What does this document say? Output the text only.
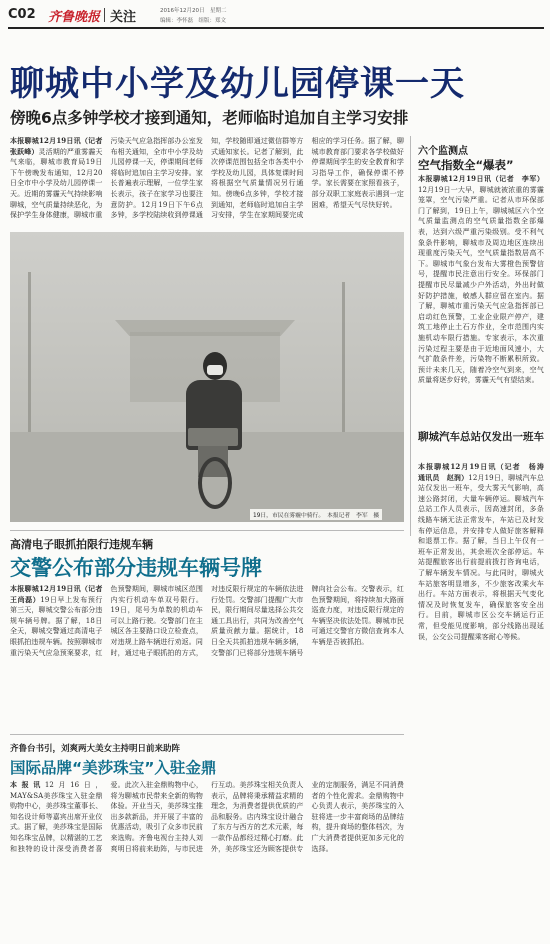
C02 齐鲁晚报 关注	2016年12月20日　星期二
编辑：李怀磊　组版：郑文
聊城中小学及幼儿园停课一天
傍晚6点多钟学校才接到通知，老师临时追加自主学习安排
本报聊城12月19日讯（记者　张跃峰）灵活期的严重雾霾天气来临，聊城市教育局19日下午傍晚发布通知，12月20日全市中小学及幼儿园停课一天。近期的雾霾天气持续影响聊城，空气质量持续恶化，为保护学生身体健康，聊城市重污染天气应急指挥部办公室发布相关通知，全市中小学及幼儿园停课一天，停课期间老师将临时追加自主学习安排。家长普遍表示理解，一位学生家长表示，孩子在家学习也要注意防护。12月19日下午6点多钟，多学校陆续收到停课通知，学校随即通过微信群等方式通知家长。记者了解到，此次停课范围包括全市各类中小学校及幼儿园，具体复课时间将根据空气质量情况另行通知。傍晚6点多钟，学校才接到通知，老师临时追加自主学习安排，学生在家期间要完成相应的学习任务。据了解，聊城市教育部门要求各学校做好停课期间学生的安全教育和学习指导工作，确保停课不停学。家长需要在家照看孩子，部分双职工家庭表示遇到一定困难，希望天气尽快好转。
19日，市民在雾霾中骑行。　本报记者　李军　摄
六个监测点
空气指数全“爆表”
本报聊城12月19日讯（记者　李军）12月19日一大早，聊城就被浓重的雾霾笼罩，空气污染严重。记者从市环保部门了解到，19日上午，聊城城区六个空气质量监测点的空气质量指数全部爆表，达到六级严重污染级别。受不利气象条件影响，聊城市及周边地区连续出现重度污染天气，空气质量指数居高不下。聊城市气象台发布大雾橙色预警信号，提醒市民注意出行安全。环保部门提醒市民尽量减少户外活动，外出时做好防护措施，敏感人群应留在室内。据了解，聊城市重污染天气应急指挥部已启动红色预警，工业企业限产停产，建筑工地停止土石方作业，全市范围内实施机动车限行措施。专家表示，本次重污染过程主要是由于近地面风速小，大气扩散条件差，污染物不断累积所致。预计未来几天，随着冷空气到来，空气质量将逐步好转，雾霾天气有望结束。
聊城汽车总站仅发出一班车
本报聊城12月19日讯（记者　杨涛　通讯员　赵润）12月19日，聊城汽车总站仅发出一班车，受大雾天气影响，高速公路封闭，大量车辆停运。聊城汽车总站工作人员表示，因高速封闭，多条线路车辆无法正常发车，车站已及时发布停运信息，并安排专人做好旅客解释和退票工作。据了解，当日上午仅有一班车正常发出，其余班次全部停运。车站提醒旅客出行前提前拨打咨询电话，了解车辆发车情况。与此同时，聊城火车站旅客明显增多，不少旅客改乘火车出行。车站方面表示，将根据天气变化情况及时恢复发车，确保旅客安全出行。目前，聊城市区公交车辆运行正常，但受能见度影响，部分线路出现延误，公交公司提醒乘客耐心等候。
高清电子眼抓拍限行违规车辆
交警公布部分违规车辆号牌
本报聊城12月19日讯（记者　王尚磊）19日早上发布预行第三天，聊城交警公布部分违规车辆号牌。据了解，18日全天，聊城交警通过高清电子眼抓拍违规车辆。按照聊城市重污染天气应急预案要求，红色预警期间，聊城市城区范围内实行机动车单双号限行。19日，尾号为单数的机动车可以上路行驶。交警部门在主城区各主要路口设立检查点，对违规上路车辆进行劝返。同时，通过电子眼抓拍的方式，对违反限行规定的车辆依法进行处罚。交警部门提醒广大市民，限行期间尽量选择公共交通工具出行，共同为改善空气质量贡献力量。据统计，18日全天共抓拍违规车辆多辆，交警部门已将部分违规车辆号牌向社会公布。交警表示，红色预警期间，将持续加大路面巡查力度，对违反限行规定的车辆坚决依法处罚。聊城市民可通过交警官方微信查询本人车辆是否被抓拍。
齐鲁台书引，刘爽两大美女主持明日前来助阵
国际品牌“美莎珠宝”入驻金鼎
本报讯12月16日，MAY&SA美莎珠宝入驻金鼎购物中心，美莎珠宝董事长、知名设计师等嘉宾出席开业仪式。据了解，美莎珠宝是国际知名珠宝品牌，以精湛的工艺和独特的设计深受消费者喜爱。此次入驻金鼎购物中心，将为聊城市民带来全新的购物体验。开业当天，美莎珠宝推出多款新品，并开展了丰富的优惠活动，吸引了众多市民前来选购。齐鲁电视台主持人刘爽明日将前来助阵，与市民进行互动。美莎珠宝相关负责人表示，品牌将秉承精益求精的理念，为消费者提供优质的产品和服务。店内珠宝设计融合了东方与西方的艺术元素，每一款作品都经过精心打磨。此外，美莎珠宝还为顾客提供专业的定制服务，满足不同消费者的个性化需求。金鼎购物中心负责人表示，美莎珠宝的入驻将进一步丰富商场的品牌结构，提升商场的整体档次，为广大消费者提供更加多元化的选择。
